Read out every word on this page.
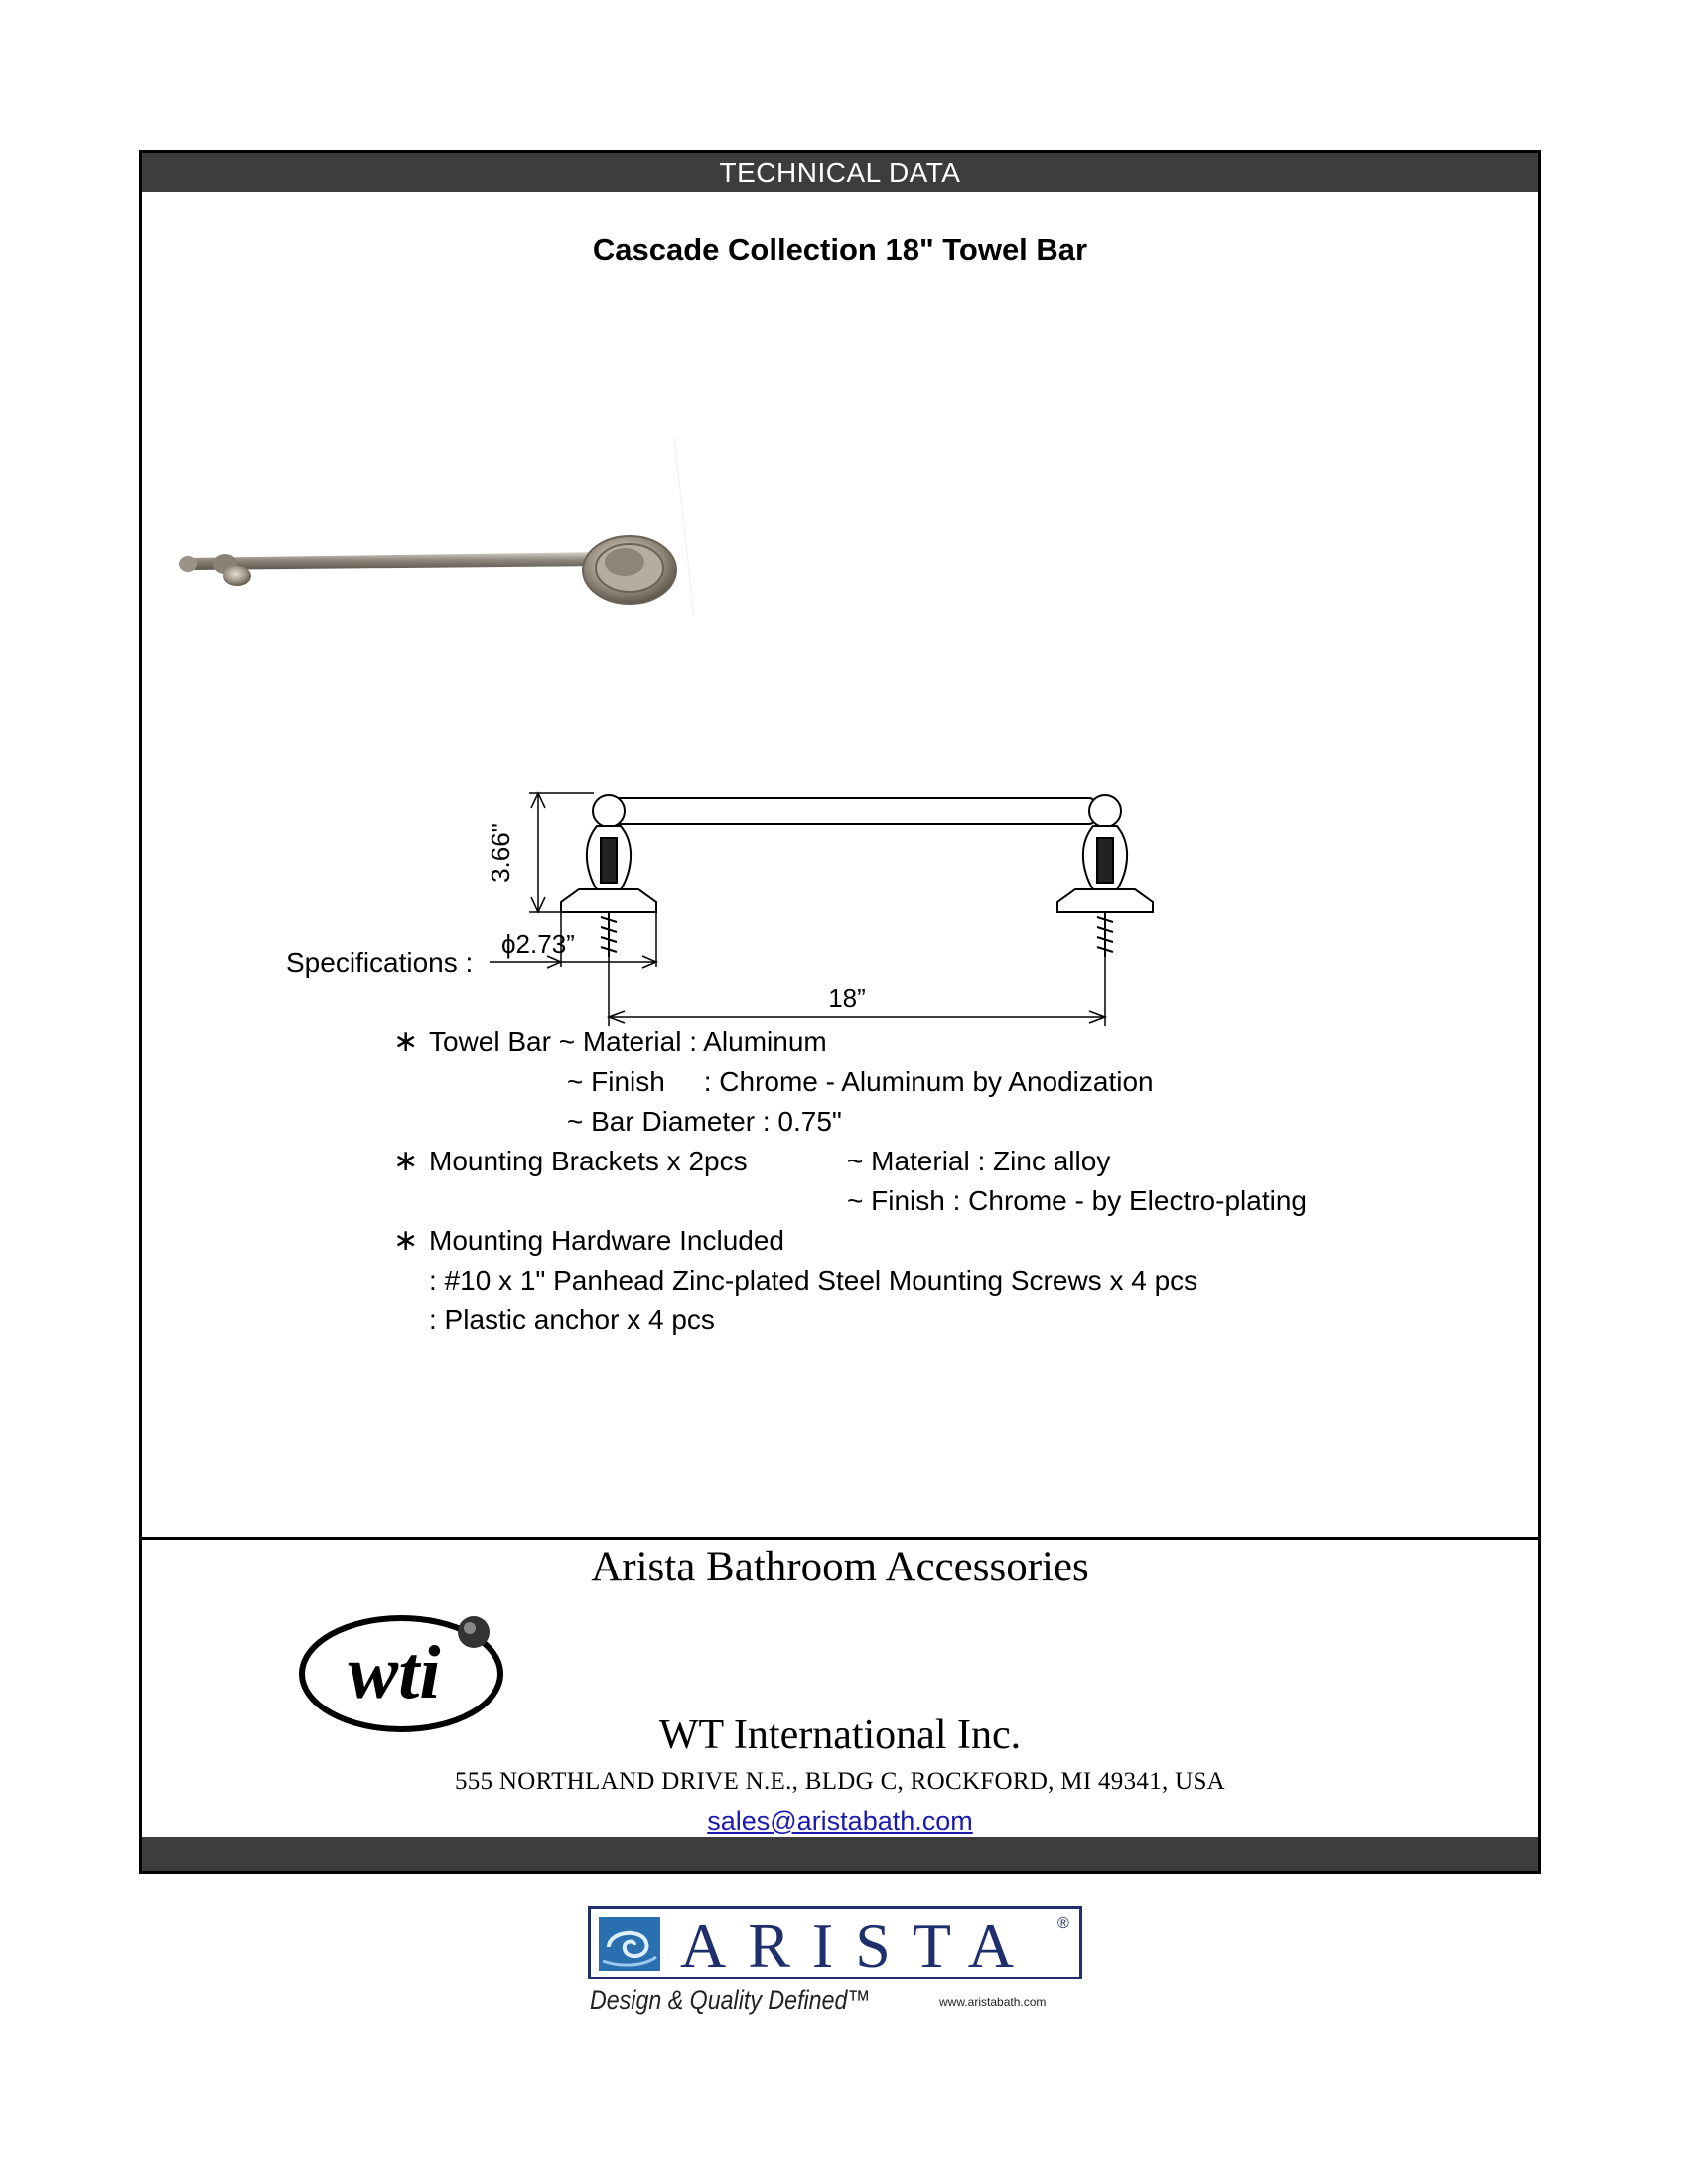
TECHNICAL DATA
Cascade Collection 18" Towel Bar
3.66"
ϕ2.73”
18”
Specifications :
∗ Towel Bar ~ Material : Aluminum
~ Finish     : Chrome - Aluminum by Anodization
~ Bar Diameter : 0.75"
∗ Mounting Brackets x 2pcs	~ Material : Zinc alloy
~ Finish : Chrome - by Electro-plating
∗ Mounting Hardware Included
: #10 x 1" Panhead Zinc-plated Steel Mounting Screws x 4 pcs
: Plastic anchor x 4 pcs
Arista Bathroom Accessories
wti
WT International Inc.
555 NORTHLAND DRIVE N.E., BLDG C, ROCKFORD, MI 49341, USA
sales@aristabath.com
ARISTA ®
Design & Quality Defined™	www.aristabath.com
